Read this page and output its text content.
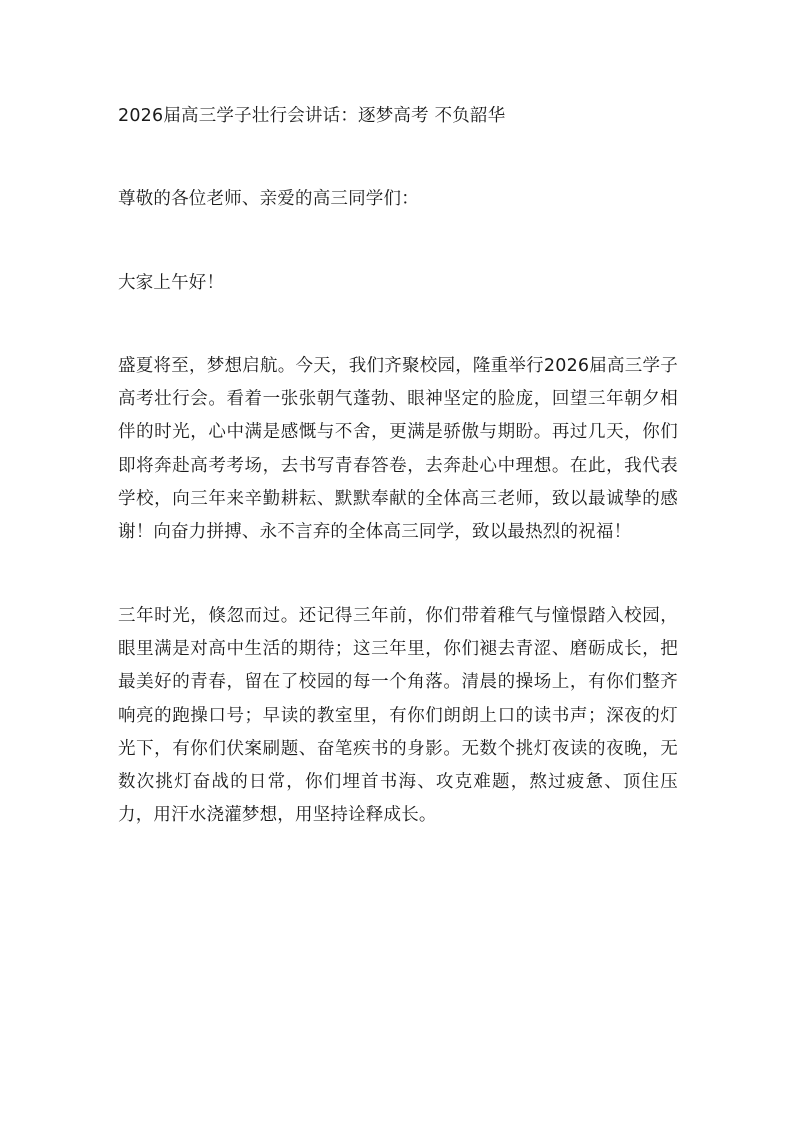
2026届高三学子壮行会讲话：逐梦高考 不负韶华

尊敬的各位老师、亲爱的高三同学们：

大家上午好！

盛夏将至，梦想启航。今天，我们齐聚校园，隆重举行2026届高三学子高考壮行会。看着一张张朝气蓬勃、眼神坚定的脸庞，回望三年朝夕相伴的时光，心中满是感慨与不舍，更满是骄傲与期盼。再过几天，你们即将奔赴高考考场，去书写青春答卷，去奔赴心中理想。在此，我代表学校，向三年来辛勤耕耘、默默奉献的全体高三老师，致以最诚挚的感谢！向奋力拼搏、永不言弃的全体高三同学，致以最热烈的祝福！

三年时光，倏忽而过。还记得三年前，你们带着稚气与憧憬踏入校园，眼里满是对高中生活的期待；这三年里，你们褪去青涩、磨砺成长，把最美好的青春，留在了校园的每一个角落。清晨的操场上，有你们整齐响亮的跑操口号；早读的教室里，有你们朗朗上口的读书声；深夜的灯光下，有你们伏案刷题、奋笔疾书的身影。无数个挑灯夜读的夜晚，无数次挑灯奋战的日常，你们埋首书海、攻克难题，熬过疲惫、顶住压力，用汗水浇灌梦想，用坚持诠释成长。
